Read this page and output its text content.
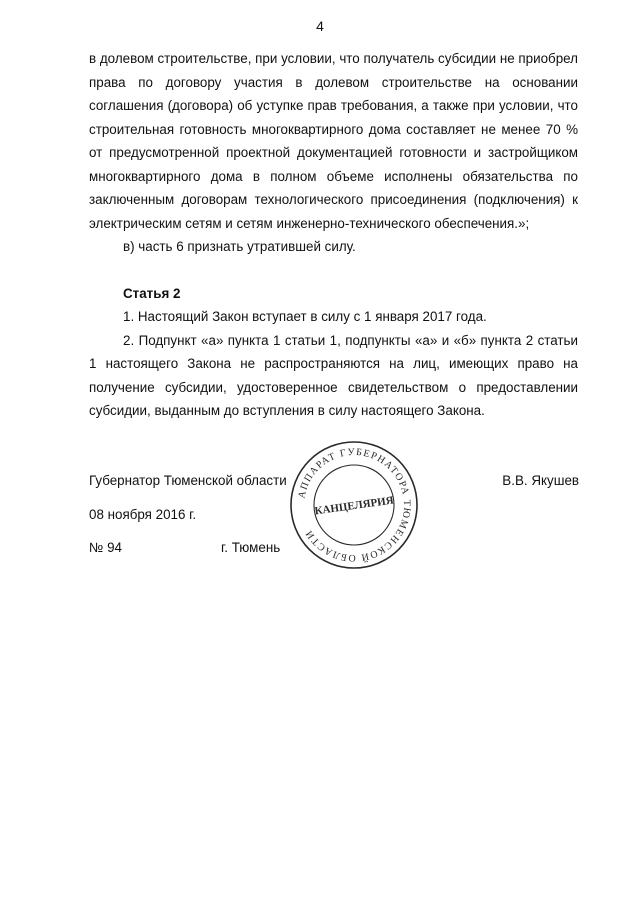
4

в долевом строительстве, при условии, что получатель субсидии не приобрел права по договору участия в долевом строительстве на основании соглашения (договора) об уступке прав требования, а также при условии, что строительная готовность многоквартирного дома составляет не менее 70 % от предусмотренной проектной документацией готовности и застройщиком многоквартирного дома в полном объеме исполнены обязательства по заключенным договорам технологического присоединения (подключения) к электрическим сетям и сетям инженерно-технического обеспечения.»;

в) часть 6 признать утратившей силу.

Статья 2

1. Настоящий Закон вступает в силу с 1 января 2017 года.

2. Подпункт «а» пункта 1 статьи 1, подпункты «а» и «б» пункта 2 статьи 1 настоящего Закона не распространяются на лиц, имеющих право на получение субсидии, удостоверенное свидетельством о предоставлении субсидии, выданным до вступления в силу настоящего Закона.

Губернатор Тюменской области	В.В. Якушев
08 ноября 2016 г.
№ 94	г. Тюмень
АППАРАТ ГУБЕРНАТОРА ТЮМЕНСКОЙ ОБЛАСТИ
КАНЦЕЛЯРИЯ
